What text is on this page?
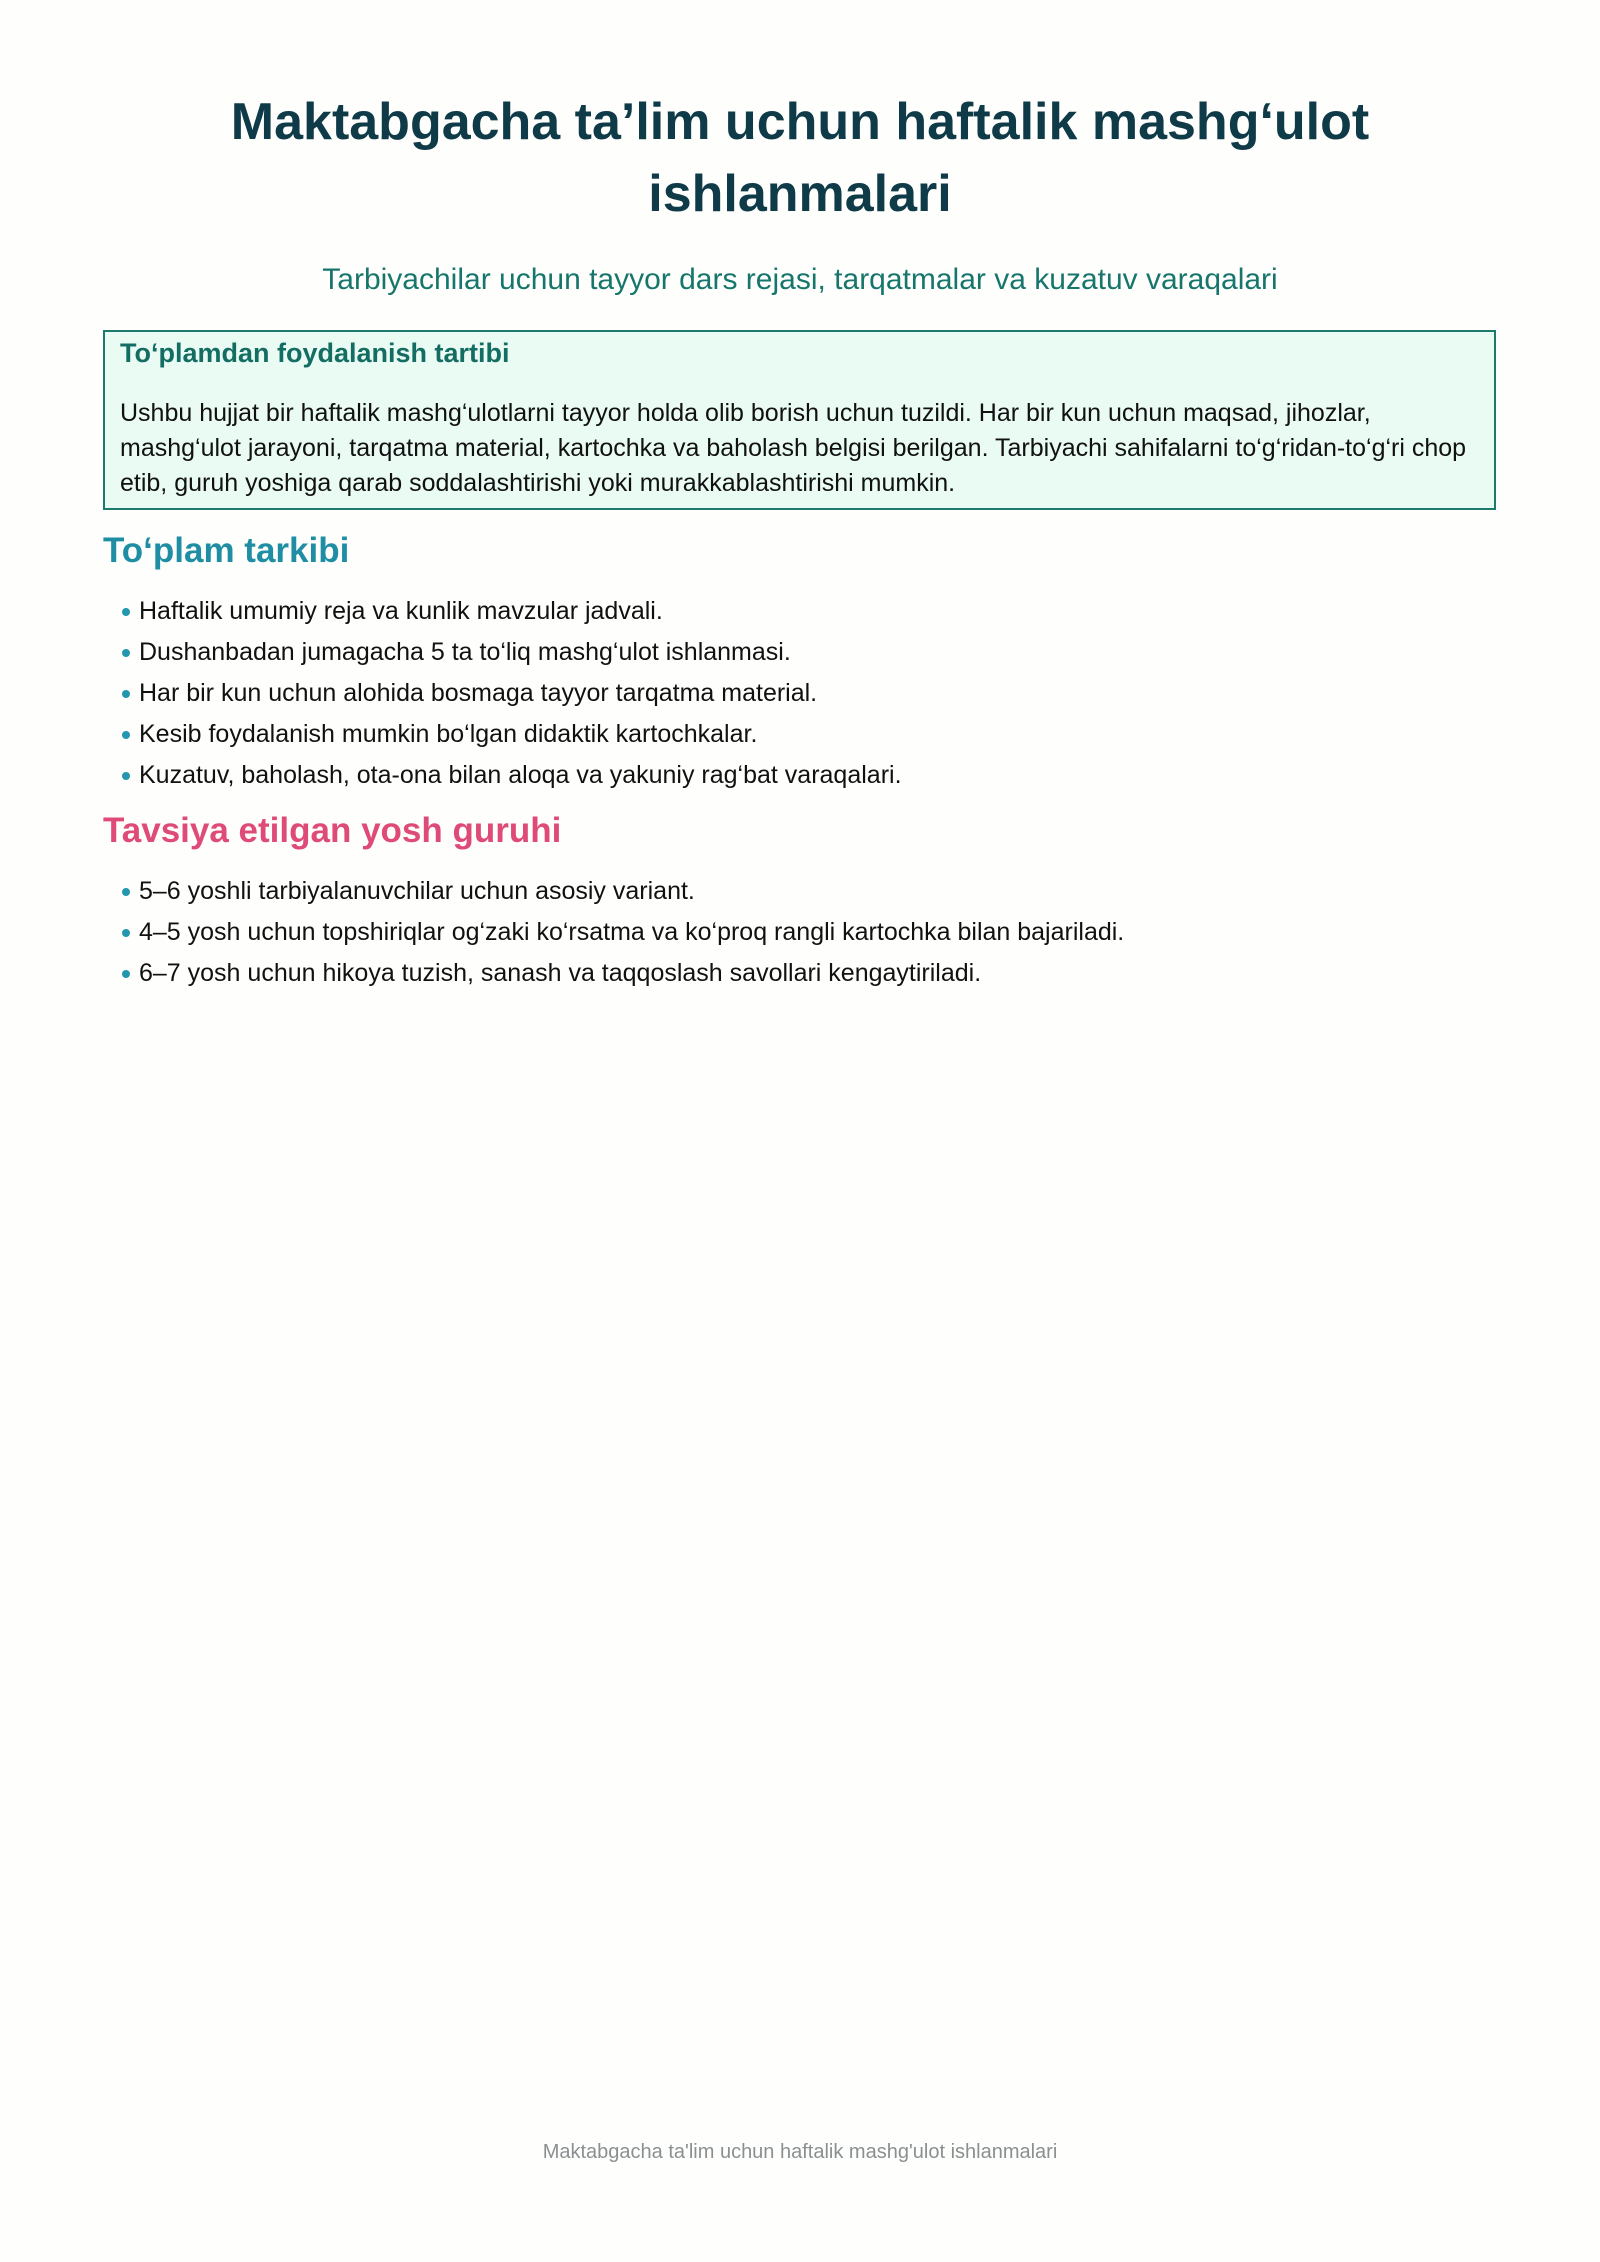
Maktabgacha ta’lim uchun haftalik mashg‘ulot
ishlanmalari

Tarbiyachilar uchun tayyor dars rejasi, tarqatmalar va kuzatuv varaqalari

To‘plamdan foydalanish tartibi

Ushbu hujjat bir haftalik mashg‘ulotlarni tayyor holda olib borish uchun tuzildi. Har bir kun uchun maqsad, jihozlar, mashg‘ulot jarayoni, tarqatma material, kartochka va baholash belgisi berilgan. Tarbiyachi sahifalarni to‘g‘ridan-to‘g‘ri chop etib, guruh yoshiga qarab soddalashtirishi yoki murakkablashtirishi mumkin.

To‘plam tarkibi
Haftalik umumiy reja va kunlik mavzular jadvali.
Dushanbadan jumagacha 5 ta to‘liq mashg‘ulot ishlanmasi.
Har bir kun uchun alohida bosmaga tayyor tarqatma material.
Kesib foydalanish mumkin bo‘lgan didaktik kartochkalar.
Kuzatuv, baholash, ota-ona bilan aloqa va yakuniy rag‘bat varaqalari.
Tavsiya etilgan yosh guruhi
5–6 yoshli tarbiyalanuvchilar uchun asosiy variant.
4–5 yosh uchun topshiriqlar og‘zaki ko‘rsatma va ko‘proq rangli kartochka bilan bajariladi.
6–7 yosh uchun hikoya tuzish, sanash va taqqoslash savollari kengaytiriladi.

Maktabgacha ta'lim uchun haftalik mashg'ulot ishlanmalari
